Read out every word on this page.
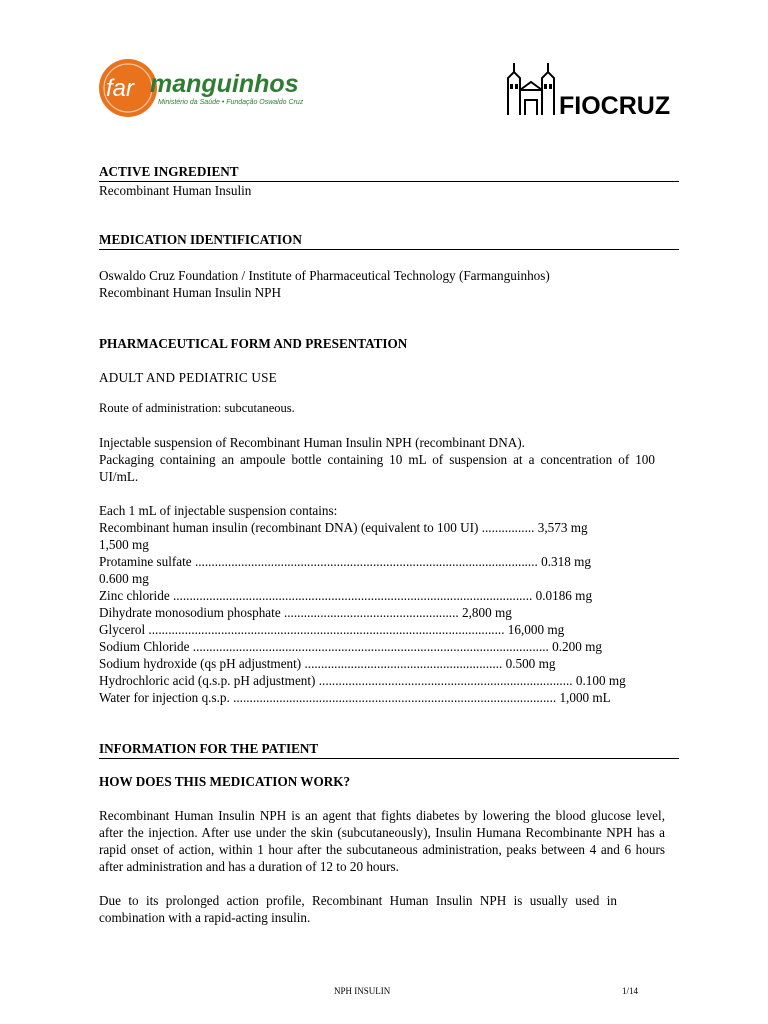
far manguinhos
Ministério da Saúde • Fundação Oswaldo Cruz	FIOCRUZ
ACTIVE INGREDIENT

Recombinant Human Insulin

MEDICATION IDENTIFICATION

Oswaldo Cruz Foundation / Institute of Pharmaceutical Technology (Farmanguinhos)

Recombinant Human Insulin NPH

PHARMACEUTICAL FORM AND PRESENTATION

ADULT AND PEDIATRIC USE

Route of administration: subcutaneous.

Injectable suspension of Recombinant Human Insulin NPH (recombinant DNA).

Packaging containing an ampoule bottle containing 10 mL of suspension at a concentration of 100 UI/mL.

Each 1 mL of injectable suspension contains:

Recombinant human insulin (recombinant DNA) (equivalent to 100 UI) ................ 3,573 mg
1,500 mg
Protamine sulfate ........................................................................................................ 0.318 mg
0.600 mg
Zinc chloride ............................................................................................................. 0.0186 mg
Dihydrate monosodium phosphate ..................................................... 2,800 mg
Glycerol ............................................................................................................ 16,000 mg
Sodium Chloride ............................................................................................................ 0.200 mg
Sodium hydroxide (qs pH adjustment) ............................................................ 0.500 mg
Hydrochloric acid (q.s.p. pH adjustment) ............................................................................. 0.100 mg
Water for injection q.s.p. .................................................................................................. 1,000 mL
INFORMATION FOR THE PATIENT

HOW DOES THIS MEDICATION WORK?

Recombinant Human Insulin NPH is an agent that fights diabetes by lowering the blood glucose level, after the injection. After use under the skin (subcutaneously), Insulin Humana Recombinante NPH has a rapid onset of action, within 1 hour after the subcutaneous administration, peaks between 4 and 6 hours after administration and has a duration of 12 to 20 hours.

Due to its prolonged action profile, Recombinant Human Insulin NPH is usually used in combination with a rapid-acting insulin.

NPH INSULIN	1/14
